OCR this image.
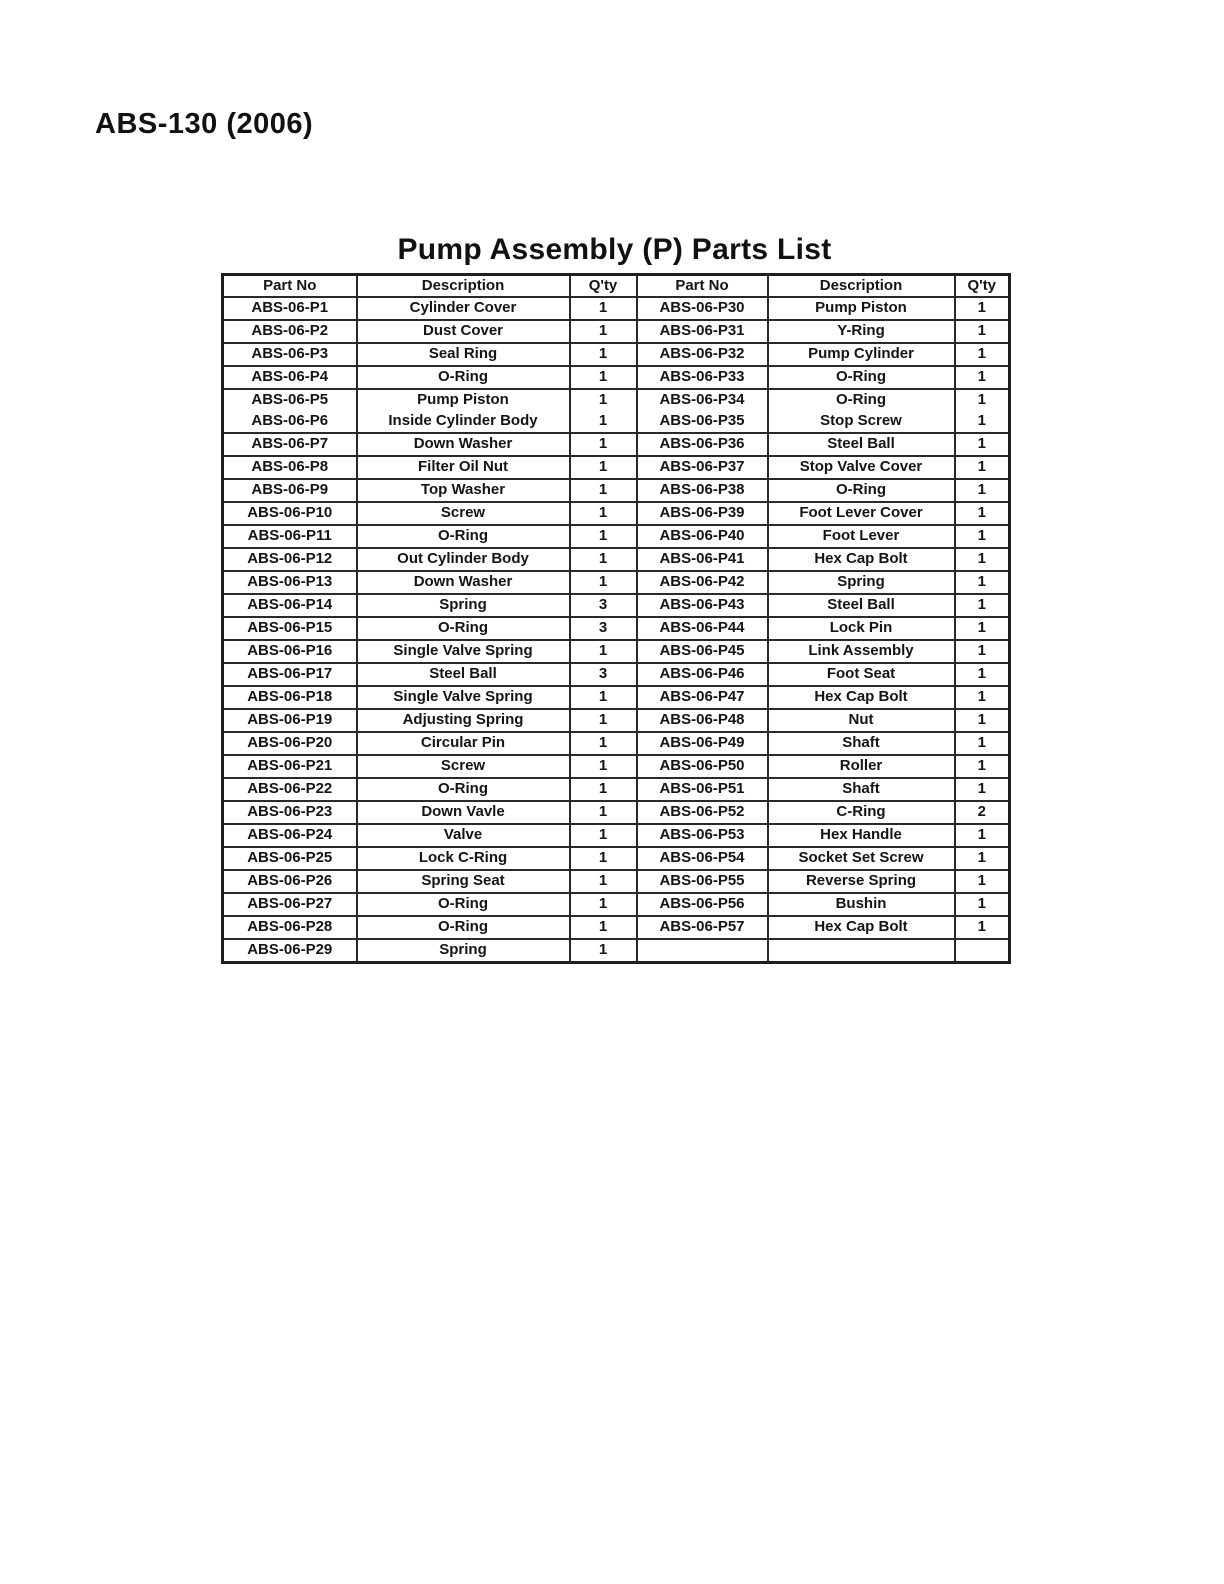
ABS-130 (2006)
Pump Assembly (P) Parts List
Part No	Description	Q'ty	Part No	Description	Q'ty
ABS-06-P1	Cylinder Cover	1	ABS-06-P30	Pump Piston	1
ABS-06-P2	Dust Cover	1	ABS-06-P31	Y-Ring	1
ABS-06-P3	Seal Ring	1	ABS-06-P32	Pump Cylinder	1
ABS-06-P4	O-Ring	1	ABS-06-P33	O-Ring	1
ABS-06-P5	Pump Piston	1	ABS-06-P34	O-Ring	1
ABS-06-P6	Inside Cylinder Body	1	ABS-06-P35	Stop Screw	1
ABS-06-P7	Down Washer	1	ABS-06-P36	Steel Ball	1
ABS-06-P8	Filter Oil Nut	1	ABS-06-P37	Stop Valve Cover	1
ABS-06-P9	Top Washer	1	ABS-06-P38	O-Ring	1
ABS-06-P10	Screw	1	ABS-06-P39	Foot Lever Cover	1
ABS-06-P11	O-Ring	1	ABS-06-P40	Foot Lever	1
ABS-06-P12	Out Cylinder Body	1	ABS-06-P41	Hex Cap Bolt	1
ABS-06-P13	Down Washer	1	ABS-06-P42	Spring	1
ABS-06-P14	Spring	3	ABS-06-P43	Steel Ball	1
ABS-06-P15	O-Ring	3	ABS-06-P44	Lock Pin	1
ABS-06-P16	Single Valve Spring	1	ABS-06-P45	Link Assembly	1
ABS-06-P17	Steel Ball	3	ABS-06-P46	Foot Seat	1
ABS-06-P18	Single Valve Spring	1	ABS-06-P47	Hex Cap Bolt	1
ABS-06-P19	Adjusting Spring	1	ABS-06-P48	Nut	1
ABS-06-P20	Circular Pin	1	ABS-06-P49	Shaft	1
ABS-06-P21	Screw	1	ABS-06-P50	Roller	1
ABS-06-P22	O-Ring	1	ABS-06-P51	Shaft	1
ABS-06-P23	Down Vavle	1	ABS-06-P52	C-Ring	2
ABS-06-P24	Valve	1	ABS-06-P53	Hex Handle	1
ABS-06-P25	Lock C-Ring	1	ABS-06-P54	Socket Set Screw	1
ABS-06-P26	Spring Seat	1	ABS-06-P55	Reverse Spring	1
ABS-06-P27	O-Ring	1	ABS-06-P56	Bushin	1
ABS-06-P28	O-Ring	1	ABS-06-P57	Hex Cap Bolt	1
ABS-06-P29	Spring	1			
